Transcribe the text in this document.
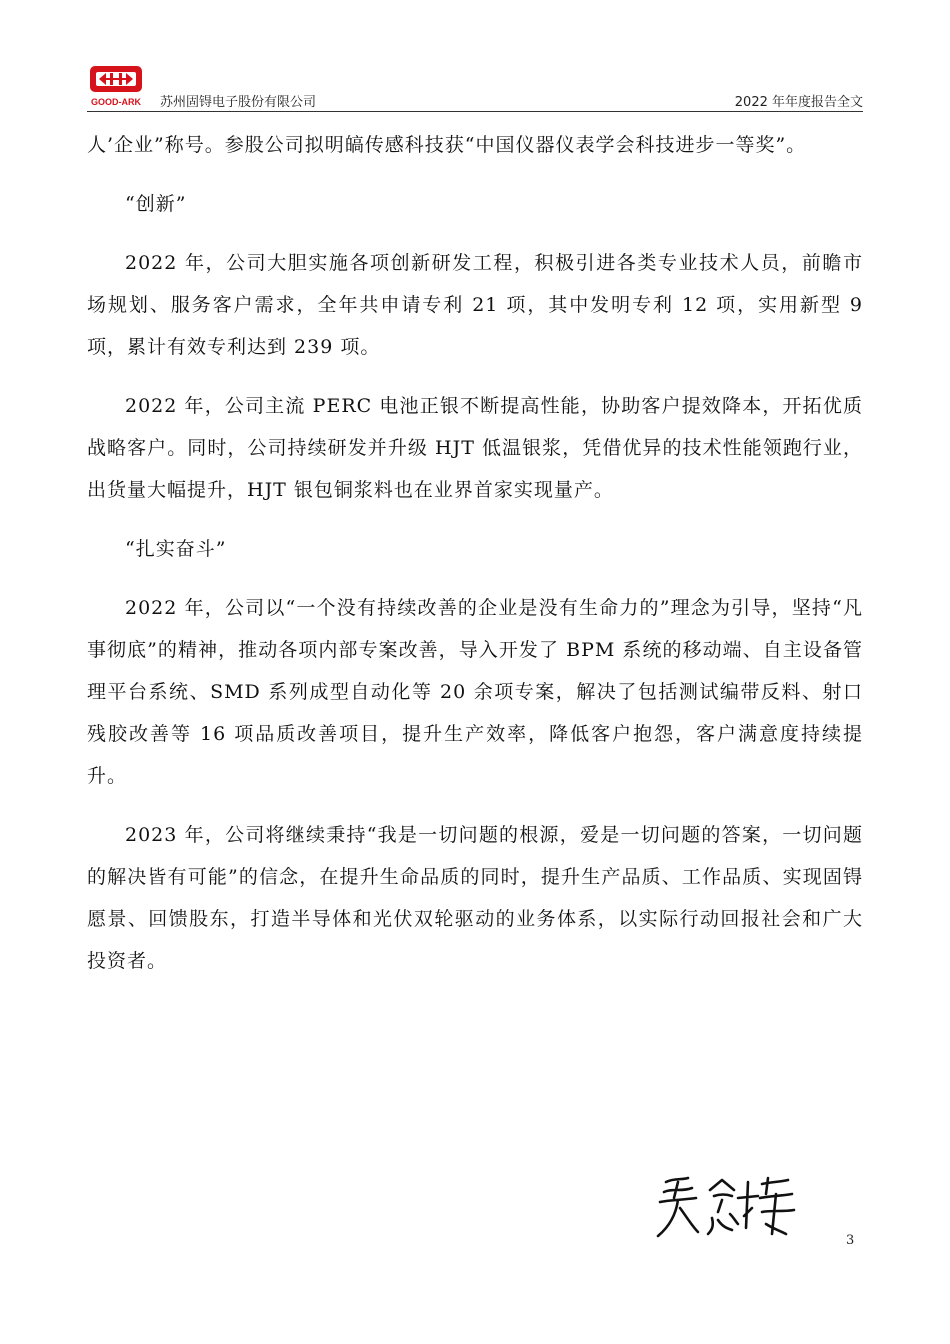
GOOD-ARK 苏州固锝电子股份有限公司	2022 年年度报告全文

人’企业”称号。参股公司拟明皜传感科技获“中国仪器仪表学会科技进步一等奖”。

“创新”

2022 年，公司大胆实施各项创新研发工程，积极引进各类专业技术人员，前瞻市场规划、服务客户需求，全年共申请专利 21 项，其中发明专利 12 项，实用新型 9 项，累计有效专利达到 239 项。

2022 年，公司主流 PERC 电池正银不断提高性能，协助客户提效降本，开拓优质战略客户。同时，公司持续研发并升级 HJT 低温银浆，凭借优异的技术性能领跑行业，出货量大幅提升，HJT 银包铜浆料也在业界首家实现量产。

“扎实奋斗”

2022 年，公司以“一个没有持续改善的企业是没有生命力的”理念为引导，坚持“凡事彻底”的精神，推动各项内部专案改善，导入开发了 BPM 系统的移动端、自主设备管理平台系统、SMD 系列成型自动化等 20 余项专案，解决了包括测试编带反料、射口残胶改善等 16 项品质改善项目，提升生产效率，降低客户抱怨，客户满意度持续提升。

2023 年，公司将继续秉持“我是一切问题的根源，爱是一切问题的答案，一切问题的解决皆有可能”的信念，在提升生命品质的同时，提升生产品质、工作品质、实现固锝愿景、回馈股东，打造半导体和光伏双轮驱动的业务体系，以实际行动回报社会和广大投资者。

3
